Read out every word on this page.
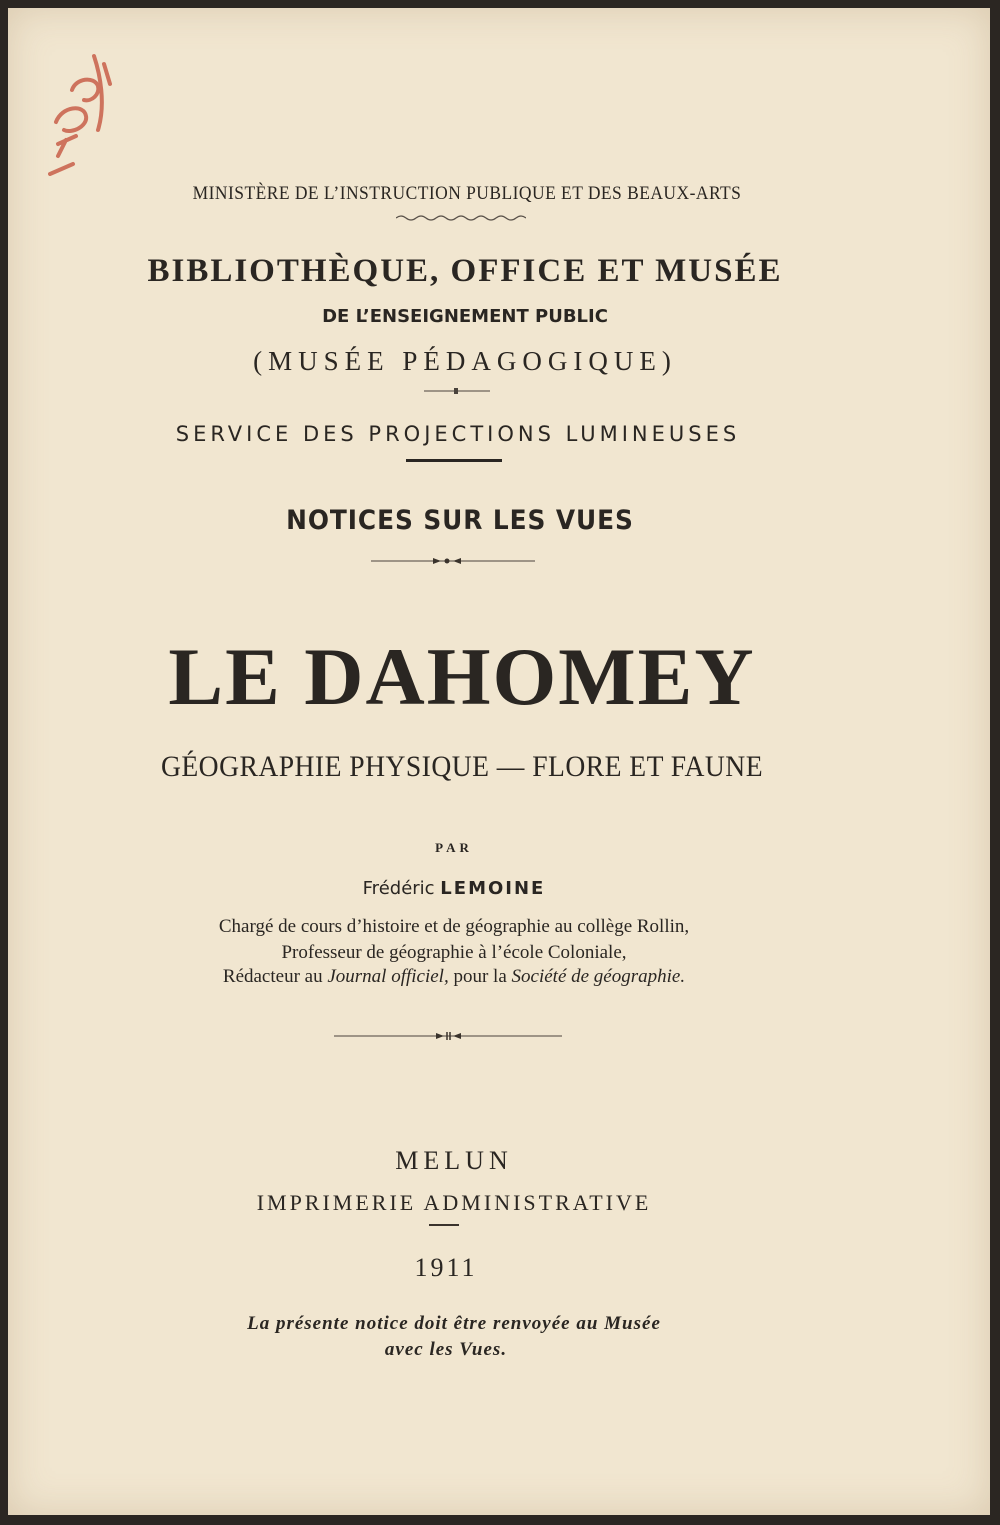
MINISTÈRE DE L’INSTRUCTION PUBLIQUE ET DES BEAUX-ARTS
BIBLIOTHÈQUE, OFFICE ET MUSÉE
DE L’ENSEIGNEMENT PUBLIC
(MUSÉE PÉDAGOGIQUE)
SERVICE DES PROJECTIONS LUMINEUSES
NOTICES SUR LES VUES
LE DAHOMEY
GÉOGRAPHIE PHYSIQUE — FLORE ET FAUNE
PAR
Frédéric LEMOINE
Chargé de cours d’histoire et de géographie au collège Rollin,
Professeur de géographie à l’école Coloniale,
Rédacteur au Journal officiel, pour la Société de géographie.
MELUN
IMPRIMERIE ADMINISTRATIVE
1911
La présente notice doit être renvoyée au Musée
avec les Vues.
